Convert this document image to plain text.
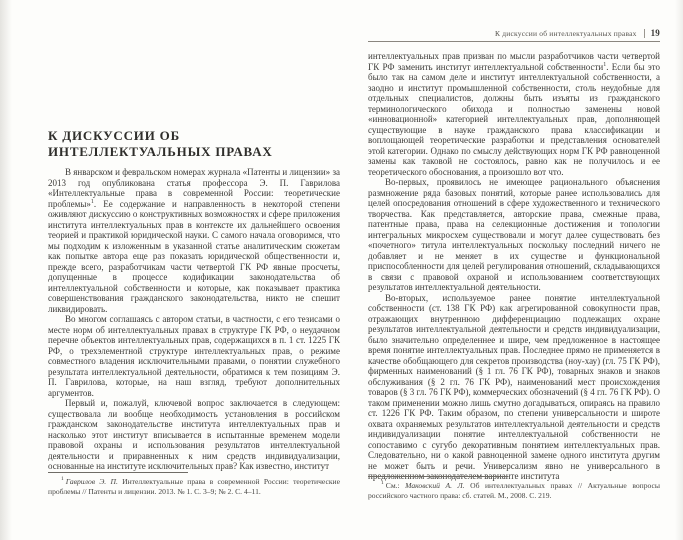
К ДИСКУССИИ ОБ ИНТЕЛЛЕКТУАЛЬНЫХ ПРАВАХ

В январском и февральском номерах журнала «Патенты и лицензии» за 2013 год опубликована статья профессора Э. П. Гаврилова «Интеллектуальные права в современной России: теоретические проблемы»$^1$. Ее содержание и направленность в некоторой степени оживляют дискуссию о конструктивных возможностях и сфере приложения института интеллектуальных прав в контексте их дальнейшего освоения теорией и практикой юридической науки. С самого начала оговоримся, что мы подходим к изложенным в указанной статье аналитическим сюжетам как попытке автора еще раз показать юридической общественности и, прежде всего, разработчикам части четвертой ГК РФ явные просчеты, допущенные в процессе кодификации законодательства об интеллектуальной собственности и которые, как показывает практика совершенствования гражданского законодательства, никто не спешит ликвидировать.

Во многом соглашаясь с автором статьи, в частности, с его тезисами о месте норм об интеллектуальных правах в структуре ГК РФ, о неудачном перечне объектов интеллектуальных прав, содержащихся в п. 1 ст. 1225 ГК РФ, о трехэлементной структуре интеллектуальных прав, о режиме совместного владения исключительными правами, о понятии служебного результата интеллектуальной деятельности, обратимся к тем позициям Э. П. Гаврилова, которые, на наш взгляд, требуют дополнительных аргументов.

Первый и, пожалуй, ключевой вопрос заключается в следующем: существовала ли вообще необходимость установления в российском гражданском законодательстве института интеллектуальных прав и насколько этот институт вписывается в испытанные временем модели правовой охраны и использования результатов интеллектуальной деятельности и приравненных к ним средств индивидуализации, основанные на институте исключительных прав? Как известно, институт

$^1$ Гаврилов Э. П. Интеллектуальные права в современной России: теоретические проблемы // Патенты и лицензии. 2013. № 1. С. 3–9; № 2. С. 4–11.

К дискуссии об интеллектуальных правах 19

интеллектуальных прав призван по мысли разработчиков части четвертой ГК РФ заменить институт интеллектуальной собственности$^1$. Если бы это было так на самом деле и институт интеллектуальной собственности, а заодно и институт промышленной собственности, столь неудобные для отдельных специалистов, должны быть изъяты из гражданского терминологического обихода и полностью заменены новой «инновационной» категорией интеллектуальных прав, дополняющей существующие в науке гражданского права классификации и воплощающей теоретические разработки и представления основателей этой категории. Однако по смыслу действующих норм ГК РФ равноценной замены как таковой не состоялось, равно как не получилось и ее теоретического обоснования, а произошло вот что.

Во-первых, проявилось не имеющее рационального объяснения размножение ряда базовых понятий, которые ранее использовались для целей опосредования отношений в сфере художественного и технического творчества. Как представляется, авторские права, смежные права, патентные права, права на селекционные достижения и топологии интегральных микросхем существовали и могут далее существовать без «почетного» титула интеллектуальных поскольку последний ничего не добавляет и не меняет в их существе и функциональной приспособленности для целей регулирования отношений, складывающихся в связи с правовой охраной и использованием соответствующих результатов интеллектуальной деятельности.

Во-вторых, используемое ранее понятие интеллектуальной собственности (ст. 138 ГК РФ) как агрегированной совокупности прав, отражающих внутреннюю дифференциацию подлежащих охране результатов интеллектуальной деятельности и средств индивидуализации, было значительно определеннее и шире, чем предложенное в настоящее время понятие интеллектуальных прав. Последнее прямо не применяется в качестве обобщающего для секретов производства (ноу-хау) (гл. 75 ГК РФ), фирменных наименований (§ 1 гл. 76 ГК РФ), товарных знаков и знаков обслуживания (§ 2 гл. 76 ГК РФ), наименований мест происхождения товаров (§ 3 гл. 76 ГК РФ), коммерческих обозначений (§ 4 гл. 76 ГК РФ). О таком применении можно лишь смутно догадываться, опираясь на правило ст. 1226 ГК РФ. Таким образом, по степени универсальности и широте охвата охраняемых результатов интеллектуальной деятельности и средств индивидуализации понятие интеллектуальной собственности не сопоставимо с сугубо декоративным понятием интеллектуальных прав. Следовательно, ни о какой равноценной замене одного института другим не может быть и речи. Универсализм явно не универсального в предложенном законодателем варианте института

$^1$ См.: Маковский А. Л. Об интеллектуальных правах // Актуальные вопросы российского частного права: сб. статей. М., 2008. С. 219.
